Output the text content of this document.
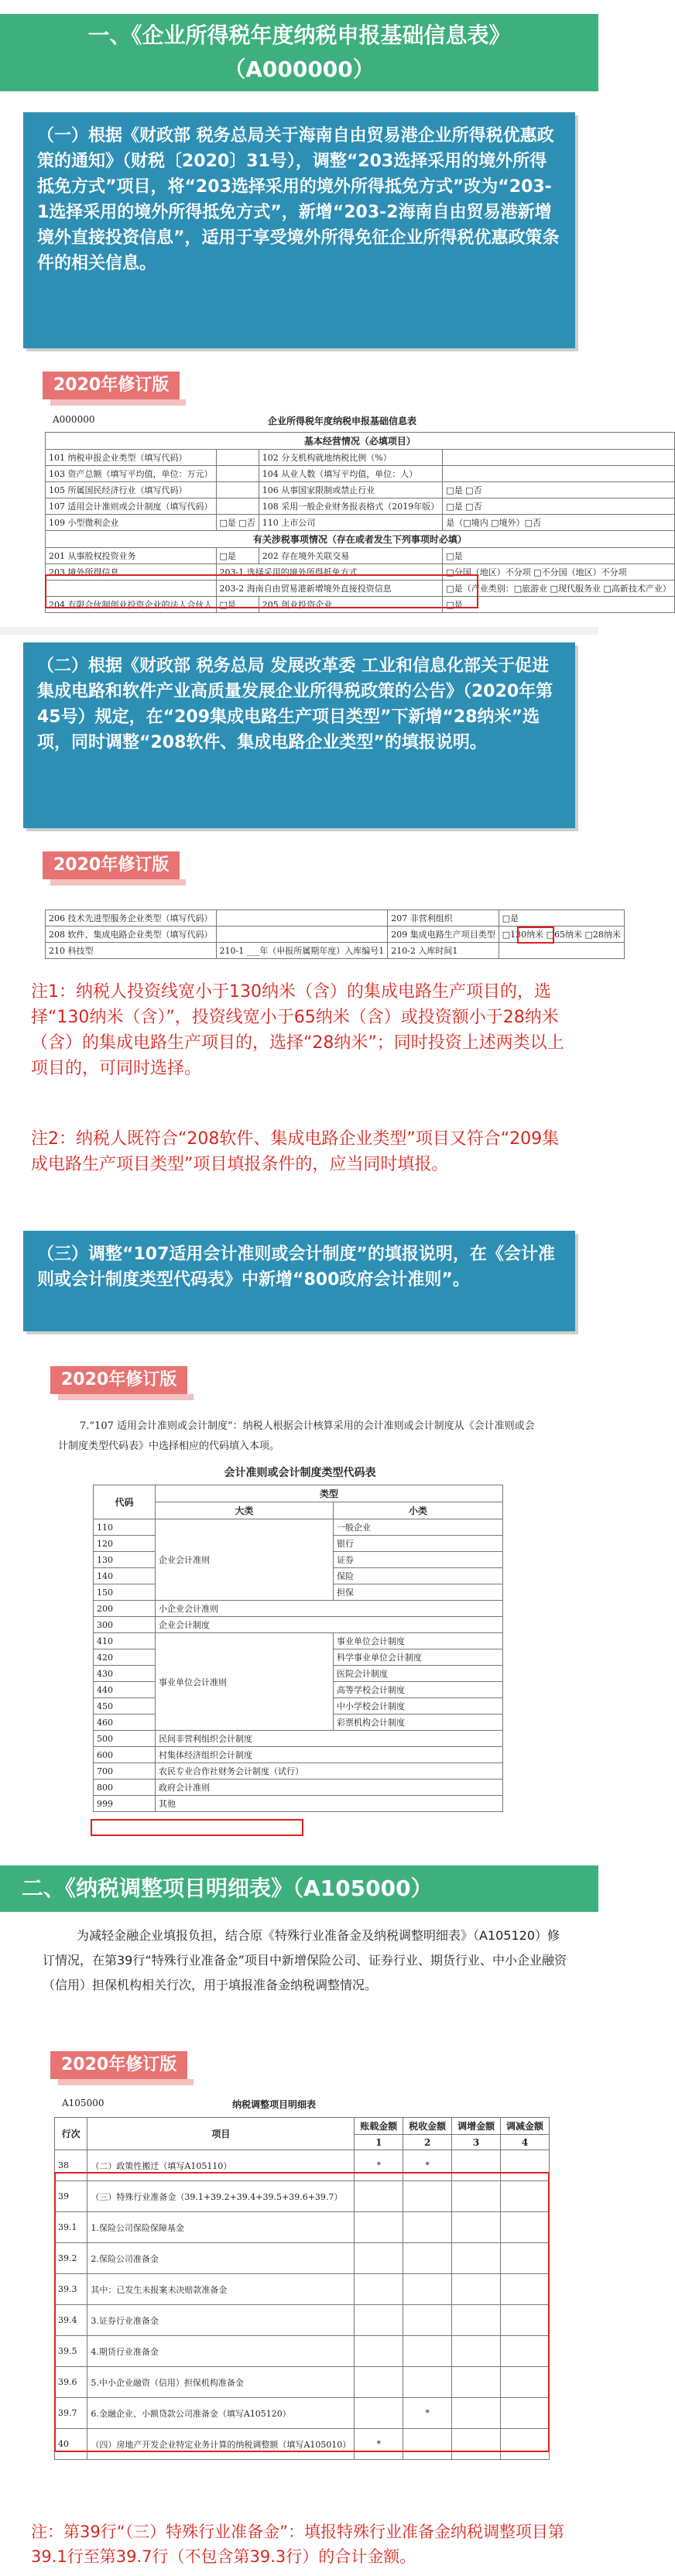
一、《企业所得税年度纳税申报基础信息表》
（A000000）
（一）根据《财政部 税务总局关于海南自由贸易港企业所得税优惠政策的通知》（财税〔2020〕31号），调整“203选择采用的境外所得抵免方式”项目，将“203选择采用的境外所得抵免方式”改为“203-1选择采用的境外所得抵免方式”，新增“203-2海南自由贸易港新增境外直接投资信息”，适用于享受境外所得免征企业所得税优惠政策条件的相关信息。
2020年修订版
A000000	企业所得税年度纳税申报基础信息表
基本经营情况（必填项目）			
101 纳税申报企业类型（填写代码）		102 分支机构就地纳税比例（%）	
103 资产总额（填写平均值，单位：万元）		104 从业人数（填写平均值，单位：人）	
105 所属国民经济行业（填写代码）		106 从事国家限制或禁止行业	□是 □否
107 适用会计准则或会计制度（填写代码）		108 采用一般企业财务报表格式（2019年版）	□是 □否
109 小型微利企业	□是 □否	110 上市公司	是（□境内 □境外）□否
有关涉税事项情况（存在或者发生下列事项时必填）			
201 从事股权投资业务	□是	202 存在境外关联交易	□是
203 境外所得信息	203-1 选择采用的境外所得抵免方式		□分国（地区）不分项 □不分国（地区）不分项
	203-2 海南自由贸易港新增境外直接投资信息		□是（产业类别：□旅游业 □现代服务业 □高新技术产业）
204 有限合伙制创业投资企业的法人合伙人	□是	205 创业投资企业	□是
（二）根据《财政部 税务总局 发展改革委 工业和信息化部关于促进集成电路和软件产业高质量发展企业所得税政策的公告》（2020年第45号）规定，在“209集成电路生产项目类型”下新增“28纳米”选项，同时调整“208软件、集成电路企业类型”的填报说明。
2020年修订版
206 技术先进型服务企业类型（填写代码）		207 非营利组织	□是
208 软件、集成电路企业类型（填写代码）		209 集成电路生产项目类型	□130纳米 □65纳米 □28纳米
210 科技型	210-1 ___年（申报所属期年度）入库编号1	210-2 入库时间1	
注1：纳税人投资线宽小于130纳米（含）的集成电路生产项目的，选择“130纳米（含）”，投资线宽小于65纳米（含）或投资额小于28纳米（含）的集成电路生产项目的，选择“28纳米”；同时投资上述两类以上项目的，可同时选择。
注2：纳税人既符合“208软件、集成电路企业类型”项目又符合“209集成电路生产项目类型”项目填报条件的，应当同时填报。
（三）调整“107适用会计准则或会计制度”的填报说明，在《会计准则或会计制度类型代码表》中新增“800政府会计准则”。
2020年修订版
7.“107 适用会计准则或会计制度”：纳税人根据会计核算采用的会计准则或会计制度从《会计准则或会计制度类型代码表》中选择相应的代码填入本项。
会计准则或会计制度类型代码表
代码	类型	
	大类	小类
110	企业会计准则	一般企业
120		银行
130		证券
140		保险
150		担保
200	小企业会计准则	
300	企业会计制度	
410	事业单位会计准则	事业单位会计制度
420		科学事业单位会计制度
430		医院会计制度
440		高等学校会计制度
450		中小学校会计制度
460		彩票机构会计制度
500	民间非营利组织会计制度	
600	村集体经济组织会计制度	
700	农民专业合作社财务会计制度（试行）	
800	政府会计准则	
999	其他	
二、《纳税调整项目明细表》（A105000）
为减轻金融企业填报负担，结合原《特殊行业准备金及纳税调整明细表》（A105120）修订情况，在第39行“特殊行业准备金”项目中新增保险公司、证券行业、期货行业、中小企业融资（信用）担保机构相关行次，用于填报准备金纳税调整情况。
2020年修订版
A105000	纳税调整项目明细表
行次	项目	账载金额	税收金额	调增金额	调减金额
		1	2	3	4
38	（二）政策性搬迁（填写A105110）	*	*		
39	（三）特殊行业准备金（39.1+39.2+39.4+39.5+39.6+39.7）				
39.1	1.保险公司保险保障基金				
39.2	2.保险公司准备金				
39.3	其中：已发生未报案未决赔款准备金				
39.4	3.证券行业准备金				
39.5	4.期货行业准备金				
39.6	5.中小企业融资（信用）担保机构准备金				
39.7	6.金融企业、小额贷款公司准备金（填写A105120）		*		
40	（四）房地产开发企业特定业务计算的纳税调整额（填写A105010）	*			
注：第39行“（三）特殊行业准备金”：填报特殊行业准备金纳税调整项目第39.1行至第39.7行（不包含第39.3行）的合计金额。
